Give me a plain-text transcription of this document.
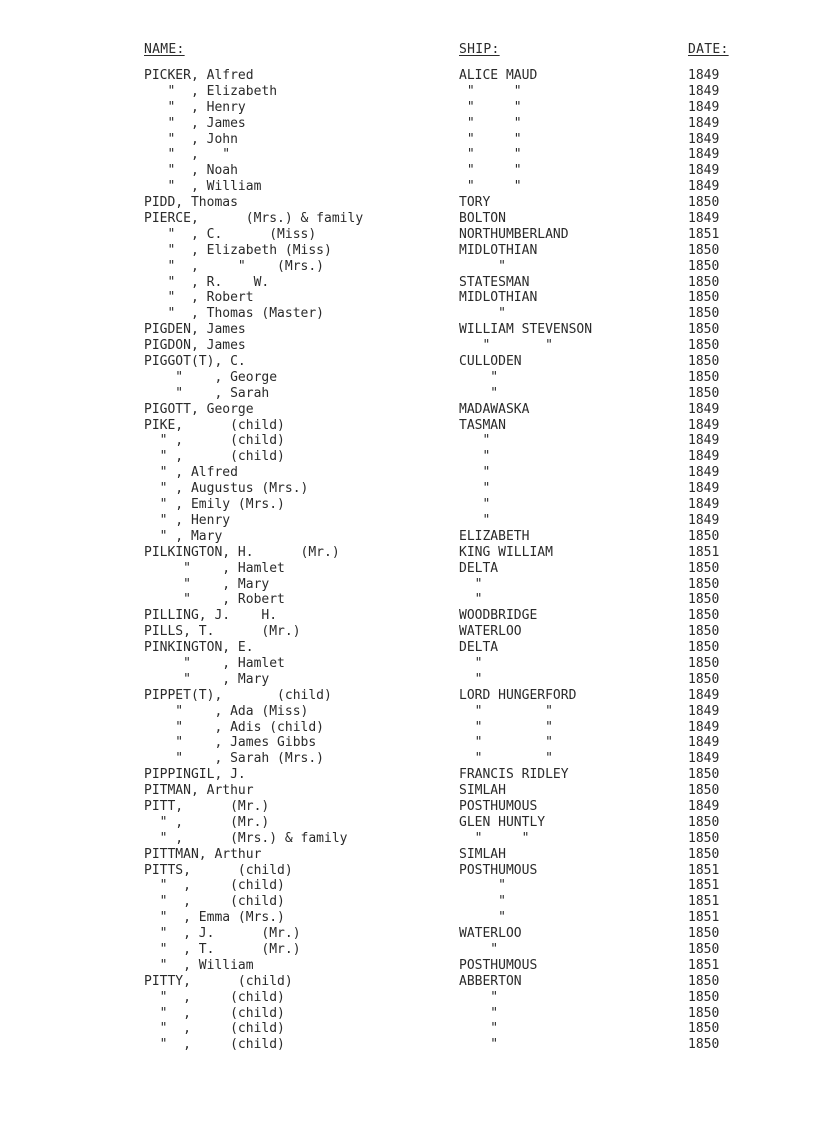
NAME:	SHIP:	DATE:
PICKER, Alfred	ALICE MAUD	1849
"  , Elizabeth	"     "	1849
"  , Henry	"     "	1849
"  , James	"     "	1849
"  , John	"     "	1849
"  ,   "	"     "	1849
"  , Noah	"     "	1849
"  , William	"     "	1849
PIDD, Thomas	TORY	1850
PIERCE,      (Mrs.) & family	BOLTON	1849
"  , C.      (Miss)	NORTHUMBERLAND	1851
"  , Elizabeth (Miss)	MIDLOTHIAN	1850
"  ,     "    (Mrs.)	"	1850
"  , R.    W.	STATESMAN	1850
"  , Robert	MIDLOTHIAN	1850
"  , Thomas (Master)	"	1850
PIGDEN, James	WILLIAM STEVENSON	1850
PIGDON, James	"       "	1850
PIGGOT(T), C.	CULLODEN	1850
"    , George	"	1850
"    , Sarah	"	1850
PIGOTT, George	MADAWASKA	1849
PIKE,      (child)	TASMAN	1849
" ,      (child)	"	1849
" ,      (child)	"	1849
" , Alfred	"	1849
" , Augustus (Mrs.)	"	1849
" , Emily (Mrs.)	"	1849
" , Henry	"	1849
" , Mary	ELIZABETH	1850
PILKINGTON, H.      (Mr.)	KING WILLIAM	1851
"    , Hamlet	DELTA	1850
"    , Mary	"	1850
"    , Robert	"	1850
PILLING, J.    H.	WOODBRIDGE	1850
PILLS, T.      (Mr.)	WATERLOO	1850
PINKINGTON, E.	DELTA	1850
"    , Hamlet	"	1850
"    , Mary	"	1850
PIPPET(T),       (child)	LORD HUNGERFORD	1849
"    , Ada (Miss)	"        "	1849
"    , Adis (child)	"        "	1849
"    , James Gibbs	"        "	1849
"    , Sarah (Mrs.)	"        "	1849
PIPPINGIL, J.	FRANCIS RIDLEY	1850
PITMAN, Arthur	SIMLAH	1850
PITT,      (Mr.)	POSTHUMOUS	1849
" ,      (Mr.)	GLEN HUNTLY	1850
" ,      (Mrs.) & family	"     "	1850
PITTMAN, Arthur	SIMLAH	1850
PITTS,      (child)	POSTHUMOUS	1851
"  ,     (child)	"	1851
"  ,     (child)	"	1851
"  , Emma (Mrs.)	"	1851
"  , J.      (Mr.)	WATERLOO	1850
"  , T.      (Mr.)	"	1850
"  , William	POSTHUMOUS	1851
PITTY,      (child)	ABBERTON	1850
"  ,     (child)	"	1850
"  ,     (child)	"	1850
"  ,     (child)	"	1850
"  ,     (child)	"	1850
